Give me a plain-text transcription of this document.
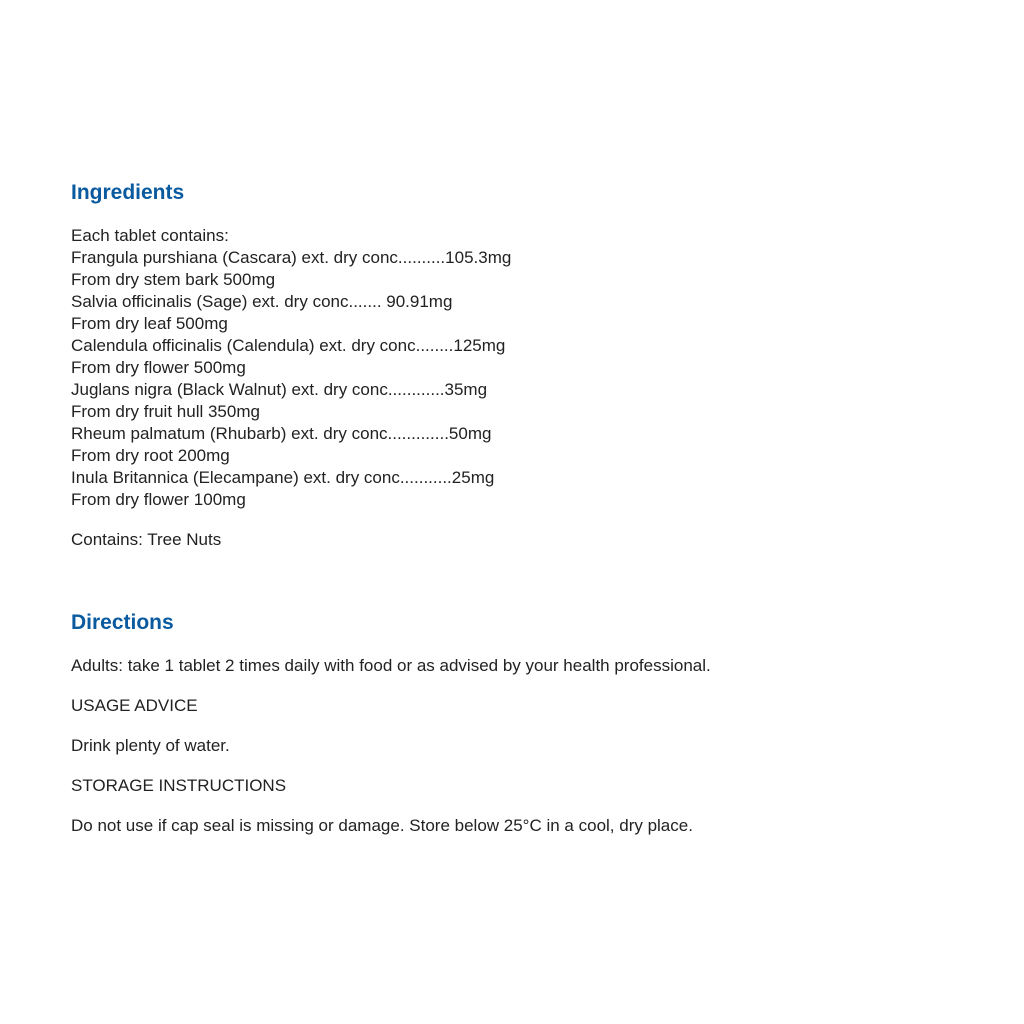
Ingredients
Each tablet contains:
Frangula purshiana (Cascara) ext. dry conc..........105.3mg
From dry stem bark 500mg
Salvia officinalis (Sage) ext. dry conc....... 90.91mg
From dry leaf 500mg
Calendula officinalis (Calendula) ext. dry conc........125mg
From dry flower 500mg
Juglans nigra (Black Walnut) ext. dry conc............35mg
From dry fruit hull 350mg
Rheum palmatum (Rhubarb) ext. dry conc.............50mg
From dry root 200mg
Inula Britannica (Elecampane) ext. dry conc...........25mg
From dry flower 100mg
Contains: Tree Nuts
Directions

Adults: take 1 tablet 2 times daily with food or as advised by your health professional.

USAGE ADVICE

Drink plenty of water.

STORAGE INSTRUCTIONS

Do not use if cap seal is missing or damage. Store below 25°C in a cool, dry place.
